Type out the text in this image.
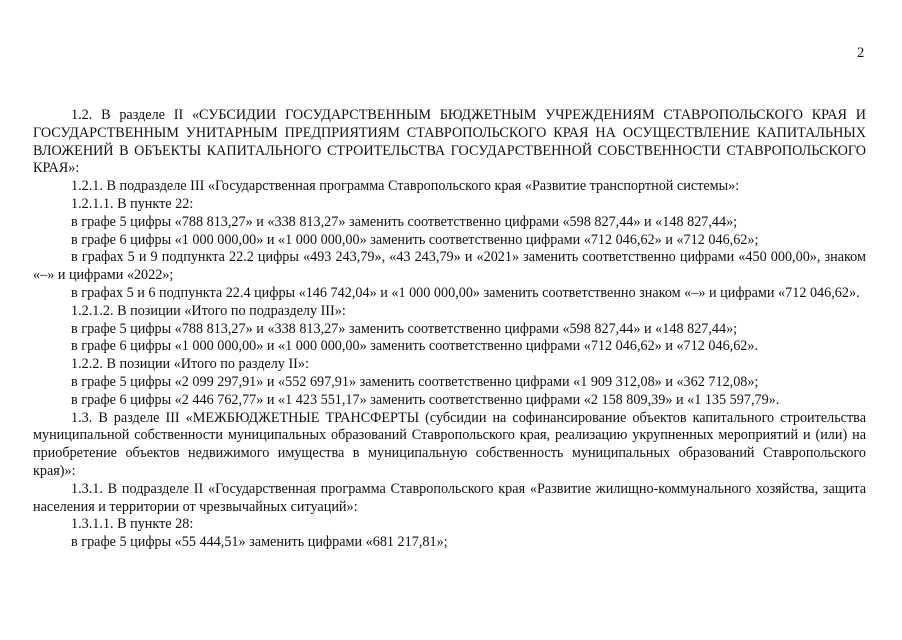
2

1.2. В разделе II «СУБСИДИИ ГОСУДАРСТВЕННЫМ БЮДЖЕТНЫМ УЧРЕЖДЕНИЯМ СТАВРОПОЛЬСКОГО КРАЯ И ГОСУДАРСТВЕННЫМ УНИТАРНЫМ ПРЕДПРИЯТИЯМ СТАВРОПОЛЬСКОГО КРАЯ НА ОСУЩЕСТВЛЕНИЕ КАПИТАЛЬНЫХ ВЛОЖЕНИЙ В ОБЪЕКТЫ КАПИТАЛЬНОГО СТРОИТЕЛЬСТВА ГОСУДАРСТВЕННОЙ СОБСТВЕННОСТИ СТАВРОПОЛЬСКОГО КРАЯ»:

1.2.1. В подразделе III «Государственная программа Ставропольского края «Развитие транспортной системы»:

1.2.1.1. В пункте 22:

в графе 5 цифры «788 813,27» и «338 813,27» заменить соответственно цифрами «598 827,44» и «148 827,44»;

в графе 6 цифры «1 000 000,00» и «1 000 000,00» заменить соответственно цифрами «712 046,62» и «712 046,62»;

в графах 5 и 9 подпункта 22.2 цифры «493 243,79», «43 243,79» и «2021» заменить соответственно цифрами «450 000,00», знаком «–» и цифрами «2022»;

в графах 5 и 6 подпункта 22.4 цифры «146 742,04» и «1 000 000,00» заменить соответственно знаком «–» и цифрами «712 046,62».

1.2.1.2. В позиции «Итого по подразделу III»:

в графе 5 цифры «788 813,27» и «338 813,27» заменить соответственно цифрами «598 827,44» и «148 827,44»;

в графе 6 цифры «1 000 000,00» и «1 000 000,00» заменить соответственно цифрами «712 046,62» и «712 046,62».

1.2.2. В позиции «Итого по разделу II»:

в графе 5 цифры «2 099 297,91» и «552 697,91» заменить соответственно цифрами «1 909 312,08» и «362 712,08»;

в графе 6 цифры «2 446 762,77» и «1 423 551,17» заменить соответственно цифрами «2 158 809,39» и «1 135 597,79».

1.3. В разделе III «МЕЖБЮДЖЕТНЫЕ ТРАНСФЕРТЫ (субсидии на софинансирование объектов капитального строительства муниципальной собственности муниципальных образований Ставропольского края, реализацию укрупненных мероприятий и (или) на приобретение объектов недвижимого имущества в муниципальную собственность муниципальных образований Ставропольского края)»:

1.3.1. В подразделе II «Государственная программа Ставропольского края «Развитие жилищно-коммунального хозяйства, защита населения и территории от чрезвычайных ситуаций»:

1.3.1.1. В пункте 28:

в графе 5 цифры «55 444,51» заменить цифрами «681 217,81»;
